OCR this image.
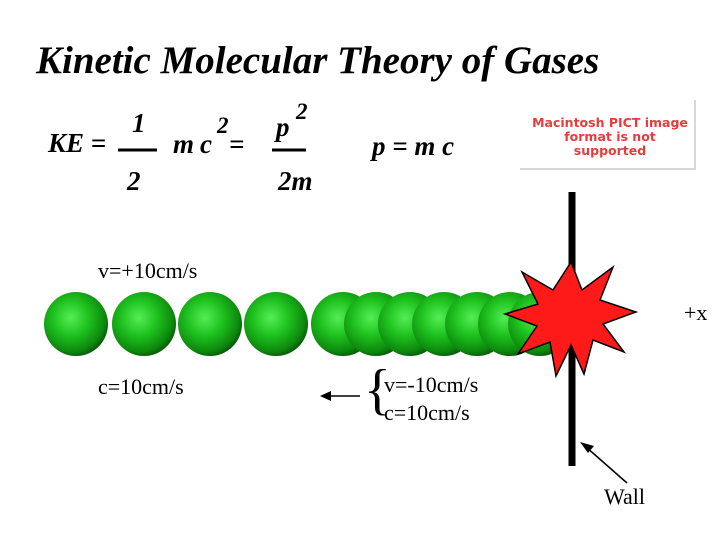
Kinetic Molecular Theory of Gases
KE =
1
2
m c
2
=
p
2
2m
p = m c
Macintosh PICT image format is not supported
v=+10cm/s
+x
c=10cm/s	{
v=-10cm/s
c=10cm/s
Wall
